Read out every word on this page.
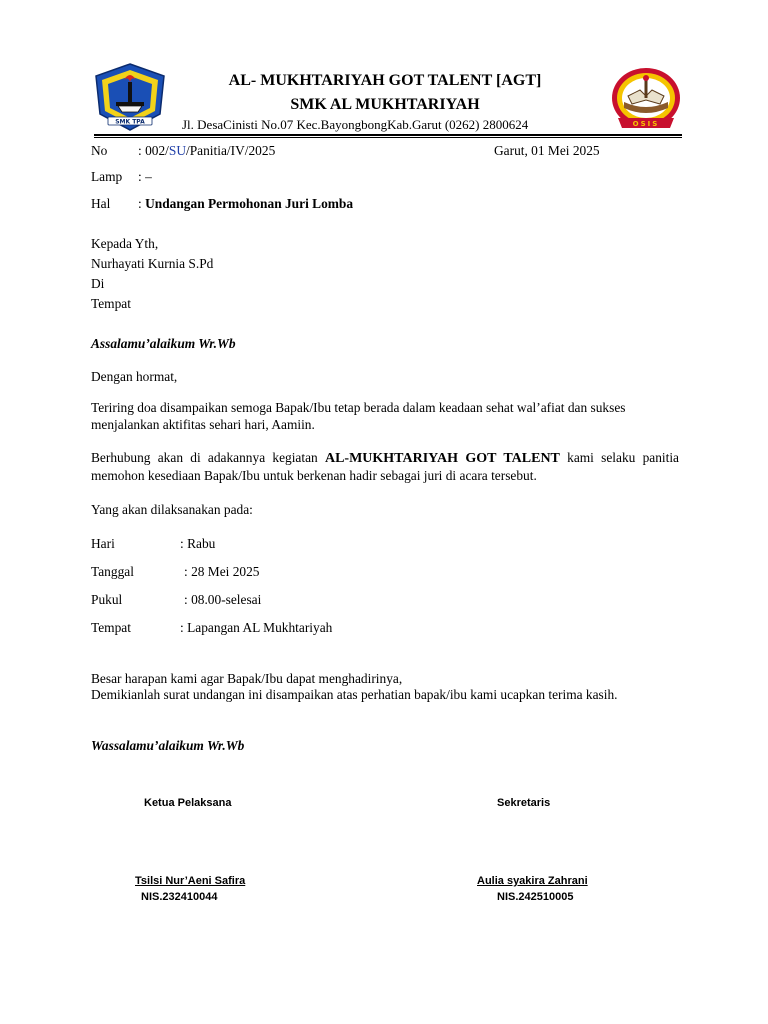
SMK TPA
AL- MUKHTARIYAH GOT TALENT [AGT]
SMK AL MUKHTARIYAH
Jl. DesaCinisti No.07 Kec.BayongbongKab.Garut (0262) 2800624	OSIS
No : 002/SU/Panitia/IV/2025	Garut, 01 Mei 2025
Lamp : –
Hal : Undangan Permohonan Juri Lomba
Kepada Yth,
Nurhayati Kurnia S.Pd
Di
Tempat
Assalamu’alaikum Wr.Wb
Dengan hormat,
Teriring doa disampaikan semoga Bapak/Ibu tetap berada dalam keadaan sehat wal’afiat dan sukses menjalankan aktifitas sehari hari, Aamiin.
Berhubung akan di adakannya kegiatan AL-MUKHTARIYAH GOT TALENT kami selaku panitia memohon kesediaan Bapak/Ibu untuk berkenan hadir sebagai juri di acara tersebut.
Yang akan dilaksanakan pada:
Hari	: Rabu
Tanggal	: 28 Mei 2025
Pukul	: 08.00-selesai
Tempat	: Lapangan AL Mukhtariyah
Besar harapan kami agar Bapak/Ibu dapat menghadirinya,
Demikianlah surat undangan ini disampaikan atas perhatian bapak/ibu kami ucapkan terima kasih.
Wassalamu’alaikum Wr.Wb
Ketua Pelaksana	Sekretaris
Tsilsi Nur’Aeni Safira
NIS.232410044
Aulia syakira Zahrani
NIS.242510005
